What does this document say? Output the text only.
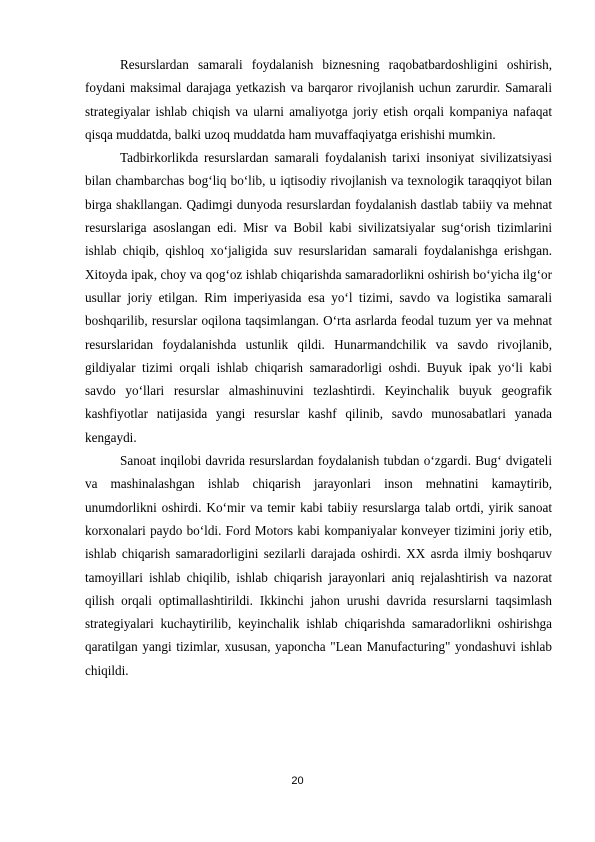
Resurslardan samarali foydalanish biznesning raqobatbardoshligini oshirish, foydani maksimal darajaga yetkazish va barqaror rivojlanish uchun zarurdir. Samarali strategiyalar ishlab chiqish va ularni amaliyotga joriy etish orqali kompaniya nafaqat qisqa muddatda, balki uzoq muddatda ham muvaffaqiyatga erishishi mumkin.

Tadbirkorlikda resurslardan samarali foydalanish tarixi insoniyat sivilizatsiyasi bilan chambarchas bog‘liq bo‘lib, u iqtisodiy rivojlanish va texnologik taraqqiyot bilan birga shakllangan. Qadimgi dunyoda resurslardan foydalanish dastlab tabiiy va mehnat resurslariga asoslangan edi. Misr va Bobil kabi sivilizatsiyalar sug‘orish tizimlarini ishlab chiqib, qishloq xo‘jaligida suv resurslaridan samarali foydalanishga erishgan. Xitoyda ipak, choy va qog‘oz ishlab chiqarishda samaradorlikni oshirish bo‘yicha ilg‘or usullar joriy etilgan. Rim imperiyasida esa yo‘l tizimi, savdo va logistika samarali boshqarilib, resurslar oqilona taqsimlangan. O‘rta asrlarda feodal tuzum yer va mehnat resurslaridan foydalanishda ustunlik qildi. Hunarmandchilik va savdo rivojlanib, gildiyalar tizimi orqali ishlab chiqarish samaradorligi oshdi. Buyuk ipak yo‘li kabi savdo yo‘llari resurslar almashinuvini tezlashtirdi. Keyinchalik buyuk geografik kashfiyotlar natijasida yangi resurslar kashf qilinib, savdo munosabatlari yanada kengaydi.

Sanoat inqilobi davrida resurslardan foydalanish tubdan o‘zgardi. Bug‘ dvigateli va mashinalashgan ishlab chiqarish jarayonlari inson mehnatini kamaytirib, unumdorlikni oshirdi. Ko‘mir va temir kabi tabiiy resurslarga talab ortdi, yirik sanoat korxonalari paydo bo‘ldi. Ford Motors kabi kompaniyalar konveyer tizimini joriy etib, ishlab chiqarish samaradorligini sezilarli darajada oshirdi. XX asrda ilmiy boshqaruv tamoyillari ishlab chiqilib, ishlab chiqarish jarayonlari aniq rejalashtirish va nazorat qilish orqali optimallashtirildi. Ikkinchi jahon urushi davrida resurslarni taqsimlash strategiyalari kuchaytirilib, keyinchalik ishlab chiqarishda samaradorlikni oshirishga qaratilgan yangi tizimlar, xususan, yaponcha "Lean Manufacturing" yondashuvi ishlab chiqildi.

20
